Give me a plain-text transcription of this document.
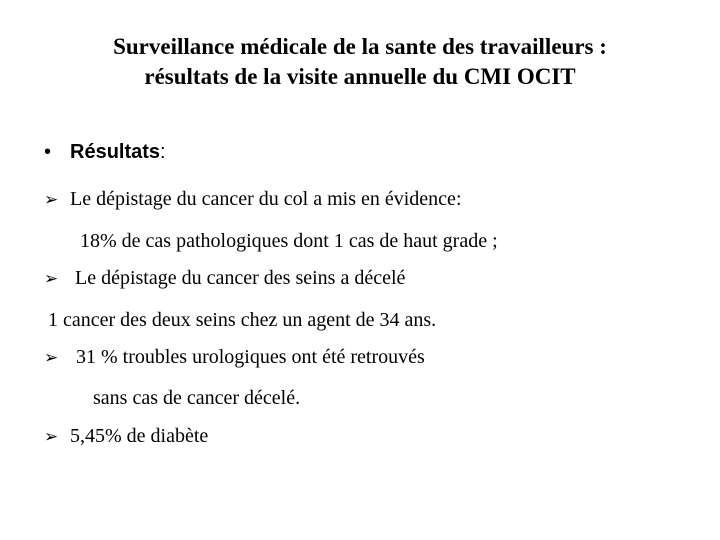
Surveillance médicale de la sante des travailleurs :
résultats de la visite annuelle du CMI OCIT
• Résultats:
➢ Le dépistage du cancer du col a mis en évidence:
18% de cas pathologiques dont 1 cas de haut grade ;
➢ Le dépistage du cancer des seins a décelé
1 cancer des deux seins chez un agent de 34 ans.
➢ 31 % troubles urologiques ont été retrouvés
sans cas de cancer décelé.
➢ 5,45% de diabète
